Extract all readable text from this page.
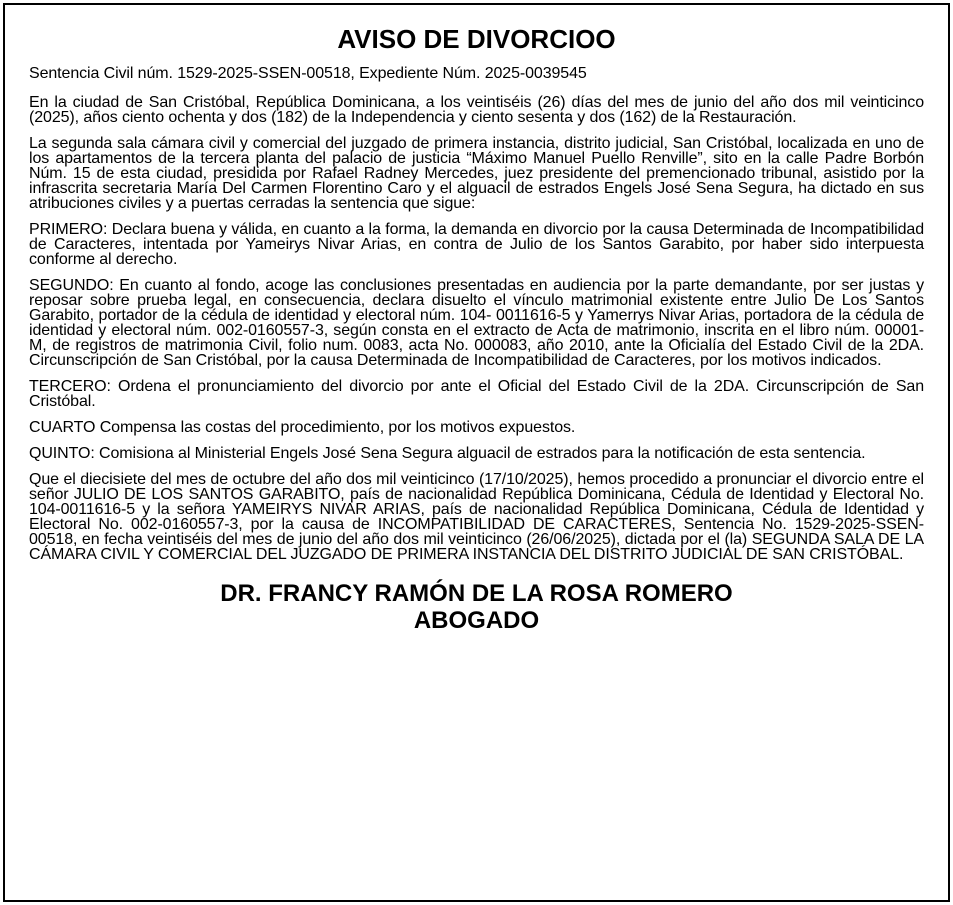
AVISO DE DIVORCIOO

Sentencia Civil núm. 1529-2025-SSEN-00518, Expediente Núm. 2025-0039545

En la ciudad de San Cristóbal, República Dominicana, a los veintiséis (26) días del mes de junio del año dos mil veinticinco (2025), años ciento ochenta y dos (182) de la Independencia y ciento sesenta y dos (162) de la Restauración.

La segunda sala cámara civil y comercial del juzgado de primera instancia, distrito judicial, San Cristóbal, localizada en uno de los apartamentos de la tercera planta del palacio de justicia “Máximo Manuel Puello Renville”, sito en la calle Padre Borbón Núm. 15 de esta ciudad, presidida por Rafael Radney Mercedes, juez presidente del premencionado tribunal, asistido por la infrascrita secretaria María Del Carmen Florentino Caro y el alguacil de estrados Engels José Sena Segura, ha dictado en sus atribuciones civiles y a puertas cerradas la sentencia que sigue:

PRIMERO: Declara buena y válida, en cuanto a la forma, la demanda en divorcio por la causa Determinada de Incompatibilidad de Caracteres, intentada por Yameirys Nivar Arias, en contra de Julio de los Santos Garabito, por haber sido interpuesta conforme al derecho.

SEGUNDO: En cuanto al fondo, acoge las conclusiones presentadas en audiencia por la parte demandante, por ser justas y reposar sobre prueba legal, en consecuencia, declara disuelto el vínculo matrimonial existente entre Julio De Los Santos Garabito, portador de la cédula de identidad y electoral núm. 104- 0011616-5 y Yamerrys Nivar Arias, portadora de la cédula de identidad y electoral núm. 002-0160557-3, según consta en el extracto de Acta de matrimonio, inscrita en el libro núm. 00001-M, de registros de matrimonia Civil, folio num. 0083, acta No. 000083, año 2010, ante la Oficialía del Estado Civil de la 2DA. Circunscripción de San Cristóbal, por la causa Determinada de Incompatibilidad de Caracteres, por los motivos indicados.

TERCERO: Ordena el pronunciamiento del divorcio por ante el Oficial del Estado Civil de la 2DA. Circunscripción de San Cristóbal.

CUARTO Compensa las costas del procedimiento, por los motivos expuestos.

QUINTO: Comisiona al Ministerial Engels José Sena Segura alguacil de estrados para la notificación de esta sentencia.

Que el diecisiete del mes de octubre del año dos mil veinticinco (17/10/2025), hemos procedido a pronunciar el divorcio entre el señor JULIO DE LOS SANTOS GARABITO, país de nacionalidad República Dominicana, Cédula de Identidad y Electoral No. 104-0011616-5 y la señora YAMEIRYS NIVAR ARIAS, país de nacionalidad República Dominicana, Cédula de Identidad y Electoral No. 002-0160557-3, por la causa de INCOMPATIBILIDAD DE CARACTERES, Sentencia No. 1529-2025-SSEN-00518, en fecha veintiséis del mes de junio del año dos mil veinticinco (26/06/2025), dictada por el (la) SEGUNDA SALA DE LA CÁMARA CIVIL Y COMERCIAL DEL JUZGADO DE PRIMERA INSTANCIA DEL DISTRITO JUDICIAL DE SAN CRISTÓBAL.

DR. FRANCY RAMÓN DE LA ROSA ROMERO
ABOGADO
